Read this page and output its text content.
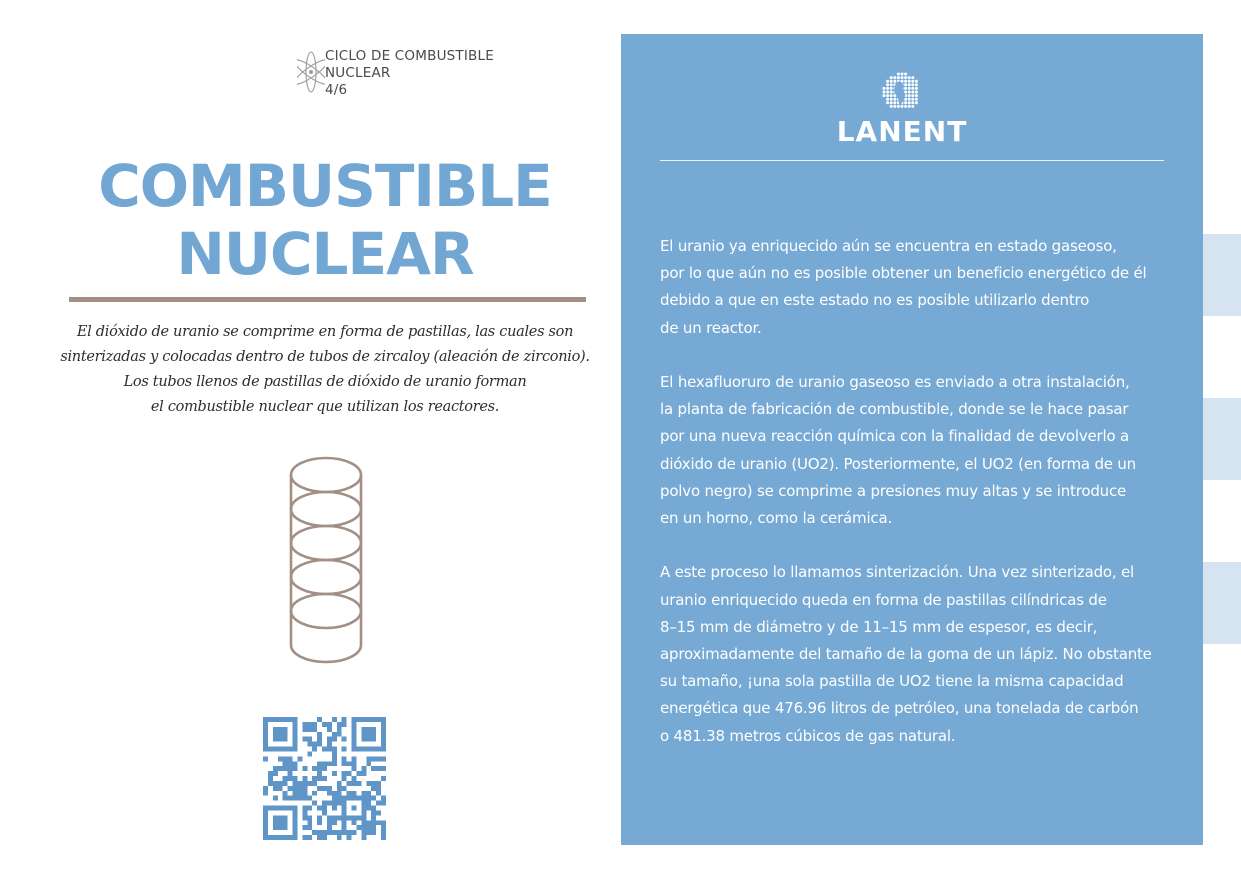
CICLO DE COMBUSTIBLE
NUCLEAR
4/6
COMBUSTIBLE
NUCLEAR
El dióxido de uranio se comprime en forma de pastillas, las cuales son
sinterizadas y colocadas dentro de tubos de zircaloy (aleación de zirconio).
Los tubos llenos de pastillas de dióxido de uranio forman
el combustible nuclear que utilizan los reactores.
LANENT
El uranio ya enriquecido aún se encuentra en estado gaseoso,
por lo que aún no es posible obtener un beneficio energético de él
debido a que en este estado no es posible utilizarlo dentro
de un reactor.
El hexafluoruro de uranio gaseoso es enviado a otra instalación,
la planta de fabricación de combustible, donde se le hace pasar
por una nueva reacción química con la finalidad de devolverlo a
dióxido de uranio (UO2). Posteriormente, el UO2 (en forma de un
polvo negro) se comprime a presiones muy altas y se introduce
en un horno, como la cerámica.
A este proceso lo llamamos sinterización. Una vez sinterizado, el
uranio enriquecido queda en forma de pastillas cilíndricas de
8–15 mm de diámetro y de 11–15 mm de espesor, es decir,
aproximadamente del tamaño de la goma de un lápiz. No obstante
su tamaño, ¡una sola pastilla de UO2 tiene la misma capacidad
energética que 476.96 litros de petróleo, una tonelada de carbón
o 481.38 metros cúbicos de gas natural.
